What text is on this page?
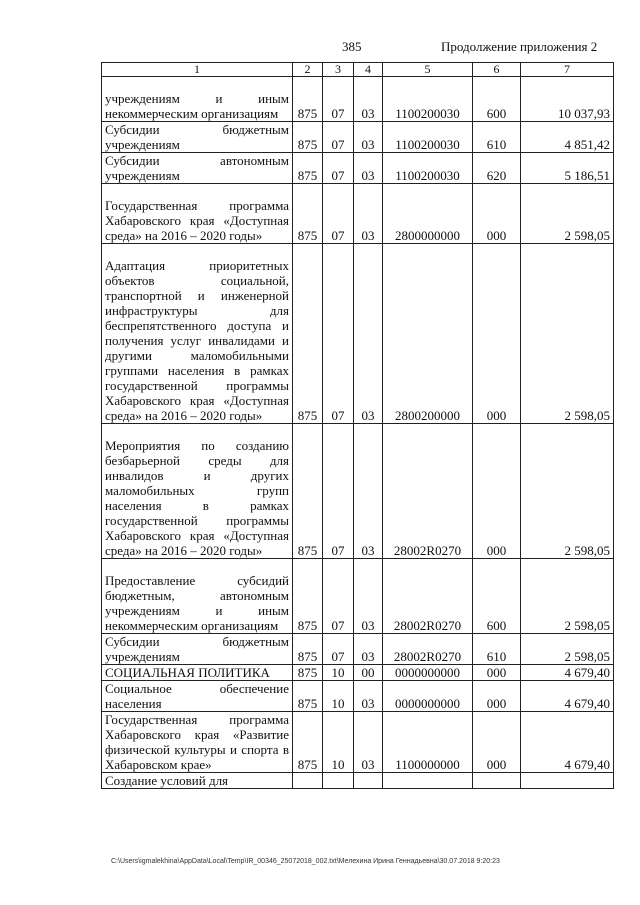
385	Продолжение приложения 2
1	2	3	4	5	6	7
учреждениям и иным некоммерческим организациям	875	07	03	1100200030	600	10 037,93
Субсидии бюджетным учреждениям	875	07	03	1100200030	610	4 851,42
Субсидии автономным учреждениям	875	07	03	1100200030	620	5 186,51
Государственная программа Хабаровского края «Доступная среда» на 2016 – 2020 годы»	875	07	03	2800000000	000	2 598,05
Адаптация приоритетных объектов социальной, транспортной и инженерной инфраструктуры для беспрепятственного доступа и получения услуг инвалидами и другими маломобильными группами населения в рамках государственной программы Хабаровского края «Доступная среда» на 2016 – 2020 годы»	875	07	03	2800200000	000	2 598,05
Мероприятия по созданию безбарьерной среды для инвалидов и других маломобильных групп населения в рамках государственной программы Хабаровского края «Доступная среда» на 2016 – 2020 годы»	875	07	03	28002R0270	000	2 598,05
Предоставление субсидий бюджетным, автономным учреждениям и иным некоммерческим организациям	875	07	03	28002R0270	600	2 598,05
Субсидии бюджетным учреждениям	875	07	03	28002R0270	610	2 598,05
СОЦИАЛЬНАЯ ПОЛИТИКА	875	10	00	0000000000	000	4 679,40
Социальное обеспечение населения	875	10	03	0000000000	000	4 679,40
Государственная программа Хабаровского края «Развитие физической культуры и спорта в Хабаровском крае»	875	10	03	1100000000	000	4 679,40
Создание условий для						
C:\Users\igmalekhina\AppData\Local\Temp\IR_00346_25072018_002.txt\Мелехина Ирина Геннадьевна\30.07.2018 9:20:23
